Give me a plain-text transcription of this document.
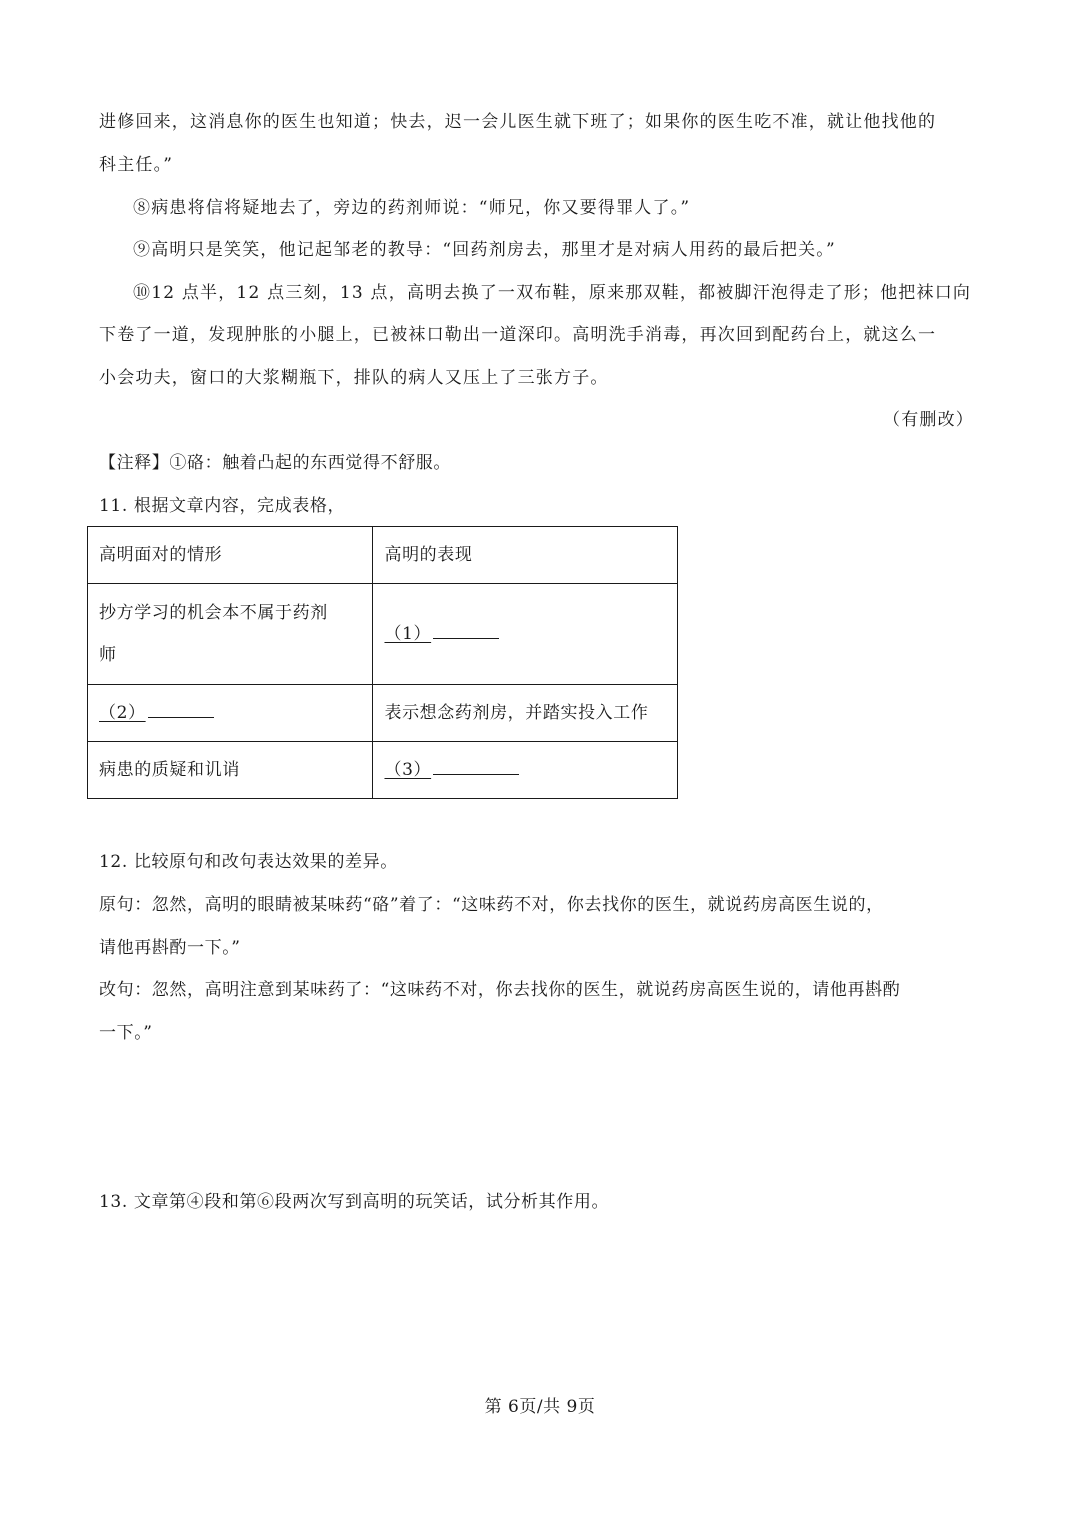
进修回来，这消息你的医生也知道；快去，迟一会儿医生就下班了；如果你的医生吃不准，就让他找他的
科主任。”
⑧病患将信将疑地去了，旁边的药剂师说：“师兄，你又要得罪人了。”
⑨高明只是笑笑，他记起邹老的教导：“回药剂房去，那里才是对病人用药的最后把关。”
⑩12 点半，12 点三刻，13 点，高明去换了一双布鞋，原来那双鞋，都被脚汗泡得走了形；他把袜口向
下卷了一道，发现肿胀的小腿上，已被袜口勒出一道深印。高明洗手消毒，再次回到配药台上，就这么一
小会功夫，窗口的大浆糊瓶下，排队的病人又压上了三张方子。
（有删改）
【注释】①硌：触着凸起的东西觉得不舒服。
11. 根据文章内容，完成表格，
高明面对的情形	高明的表现

抄方学习的机会本不属于药剂
师	（1）
（2）	表示想念药剂房，并踏实投入工作
病患的质疑和讥诮	（3）
12. 比较原句和改句表达效果的差异。
原句：忽然，高明的眼睛被某味药“硌”着了：“这味药不对，你去找你的医生，就说药房高医生说的，
请他再斟酌一下。”
改句：忽然，高明注意到某味药了：“这味药不对，你去找你的医生，就说药房高医生说的，请他再斟酌
一下。”
13. 文章第④段和第⑥段两次写到高明的玩笑话，试分析其作用。
第 6页/共 9页
